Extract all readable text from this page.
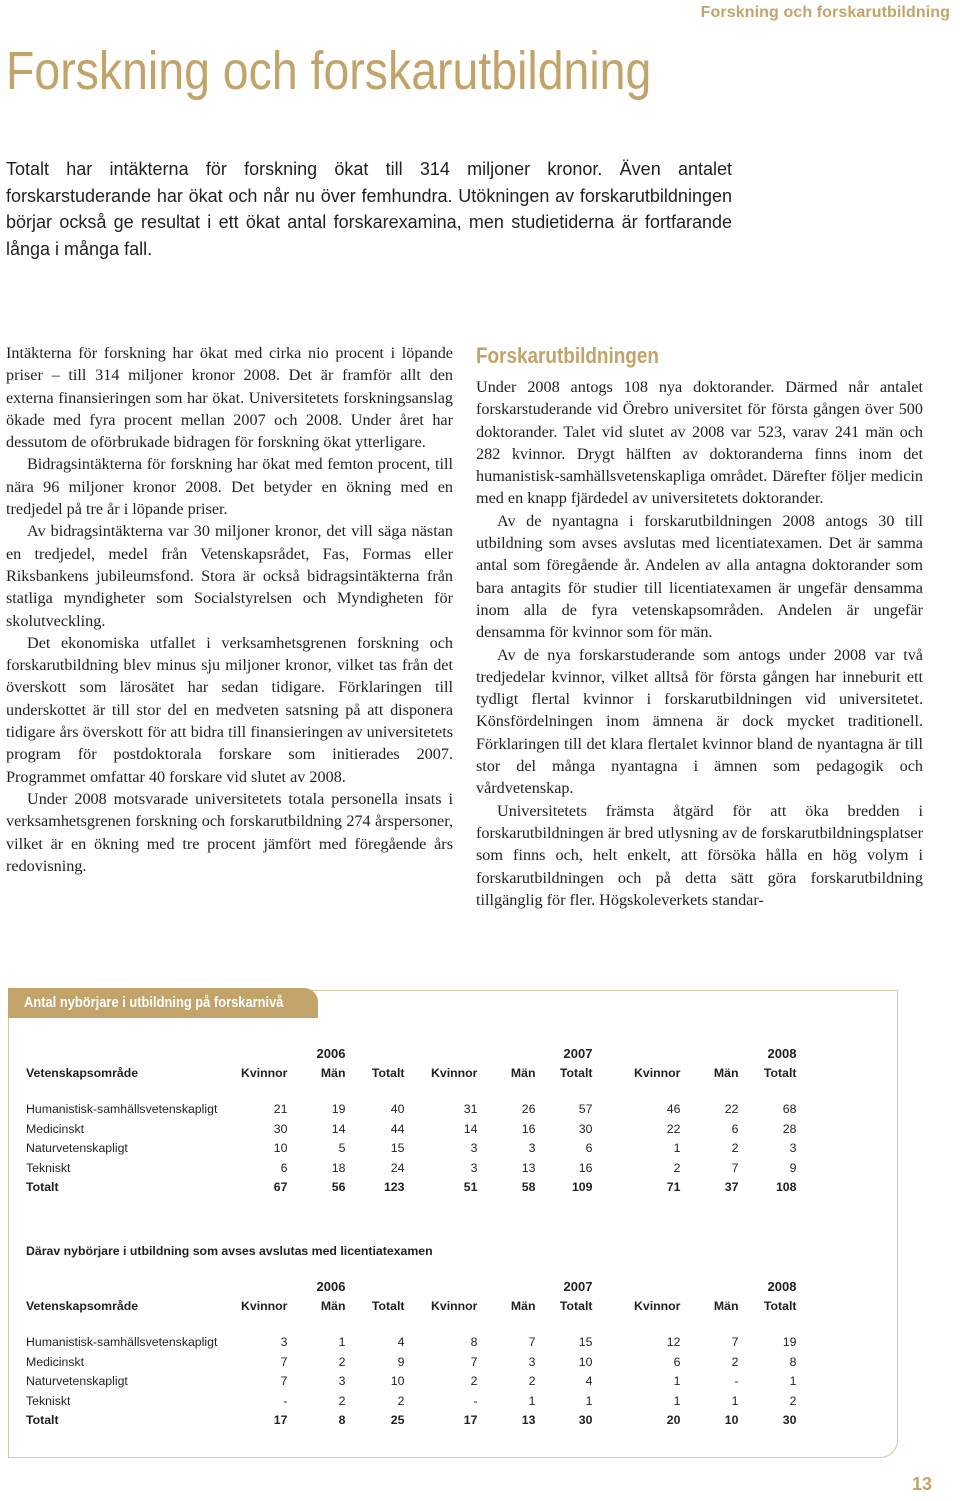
Forskning och forskarutbildning
Forskning och forskarutbildning

Totalt har intäkterna för forskning ökat till 314 miljoner kronor. Även antalet forskarstuderande har ökat och når nu över femhundra. Utökningen av forskarutbildningen börjar också ge resultat i ett ökat antal forskarexamina, men studietiderna är fortfarande långa i många fall.

Intäkterna för forskning har ökat med cirka nio procent i löpande priser – till 314 miljoner kronor 2008. Det är framför allt den externa finansieringen som har ökat. Universitetets forskningsanslag ökade med fyra procent mellan 2007 och 2008. Under året har dessutom de oförbrukade bidragen för forskning ökat ytterligare.

Bidragsintäkterna för forskning har ökat med femton procent, till nära 96 miljoner kronor 2008. Det betyder en ökning med en tredjedel på tre år i löpande priser.

Av bidragsintäkterna var 30 miljoner kronor, det vill säga nästan en tredjedel, medel från Vetenskapsrådet, Fas, Formas eller Riksbankens jubileumsfond. Stora är också bidragsintäkterna från statliga myndigheter som Socialstyrelsen och Myndigheten för skolutveckling.

Det ekonomiska utfallet i verksamhetsgrenen forskning och forskarutbildning blev minus sju miljoner kronor, vilket tas från det överskott som lärosätet har sedan tidigare. Förklaringen till underskottet är till stor del en medveten satsning på att disponera tidigare års överskott för att bidra till finansieringen av universitetets program för postdoktorala forskare som initierades 2007. Programmet omfattar 40 forskare vid slutet av 2008.

Under 2008 motsvarade universitetets totala personella insats i verksamhetsgrenen forskning och forskarutbildning 274 årspersoner, vilket är en ökning med tre procent jämfört med föregående års redovisning.

Forskarutbildningen

Under 2008 antogs 108 nya doktorander. Därmed når antalet forskarstuderande vid Örebro universitet för första gången över 500 doktorander. Talet vid slutet av 2008 var 523, varav 241 män och 282 kvinnor. Drygt hälften av doktoranderna finns inom det humanistisk-samhällsvetenskapliga området. Därefter följer medicin med en knapp fjärdedel av universitetets doktorander.

Av de nyantagna i forskarutbildningen 2008 antogs 30 till utbildning som avses avslutas med licentiatexamen. Det är samma antal som föregående år. Andelen av alla antagna doktorander som bara antagits för studier till licentiatexamen är ungefär densamma inom alla de fyra vetenskapsområden. Andelen är ungefär densamma för kvinnor som för män.

Av de nya forskarstuderande som antogs under 2008 var två tredjedelar kvinnor, vilket alltså för första gången har inneburit ett tydligt flertal kvinnor i forskarutbildningen vid universitetet. Könsfördelningen inom ämnena är dock mycket traditionell. Förklaringen till det klara flertalet kvinnor bland de nyantagna är till stor del många nyantagna i ämnen som pedagogik och vårdvetenskap.

Universitetets främsta åtgärd för att öka bredden i forskarutbildningen är bred utlysning av de forskarutbildningsplatser som finns och, helt enkelt, att försöka hålla en hög volym i forskarutbildningen och på detta sätt göra forskarutbildning tillgänglig för fler. Högskoleverkets standar-

Antal nybörjare i utbildning på forskarnivå
		2006				2007			2008
Vetenskapsområde	Kvinnor	Män	Totalt	Kvinnor	Män	Totalt	Kvinnor	Män	Totalt

Humanistisk-samhällsvetenskapligt	21	19	40	31	26	57	46	22	68
Medicinskt	30	14	44	14	16	30	22	6	28
Naturvetenskapligt	10	5	15	3	3	6	1	2	3
Tekniskt	6	18	24	3	13	16	2	7	9
Totalt	67	56	123	51	58	109	71	37	108
Därav nybörjare i utbildning som avses avslutas med licentiatexamen
		2006				2007			2008
Vetenskapsområde	Kvinnor	Män	Totalt	Kvinnor	Män	Totalt	Kvinnor	Män	Totalt

Humanistisk-samhällsvetenskapligt	3	1	4	8	7	15	12	7	19
Medicinskt	7	2	9	7	3	10	6	2	8
Naturvetenskapligt	7	3	10	2	2	4	1	-	1
Tekniskt	-	2	2	-	1	1	1	1	2
Totalt	17	8	25	17	13	30	20	10	30
13
